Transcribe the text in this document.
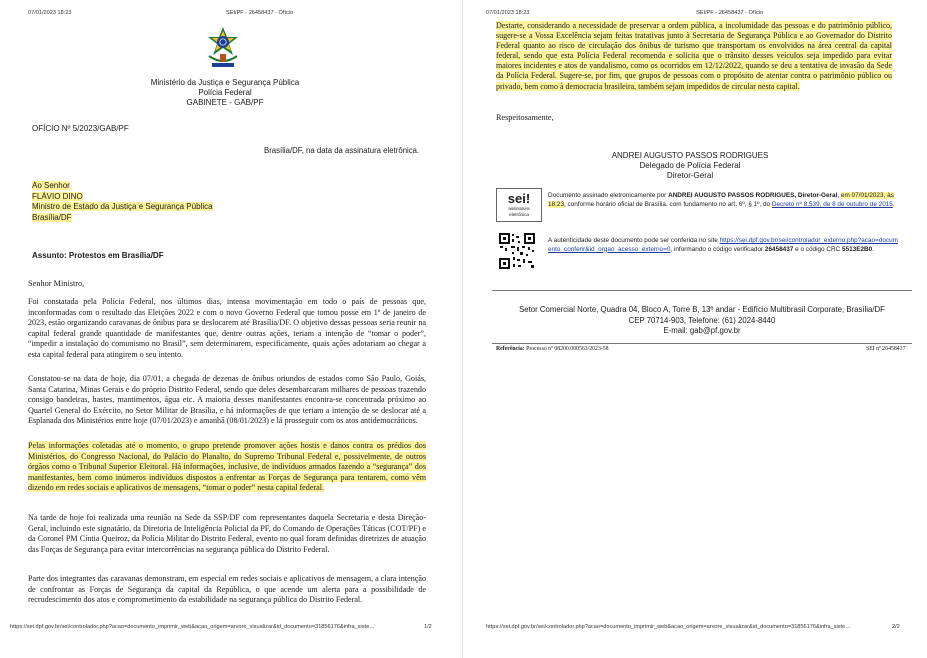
07/01/2023 18:23	SEI/PF - 26458437 - Ofício
Ministério da Justiça e Segurança Pública
Polícia Federal
GABINETE - GAB/PF
OFÍCIO Nº 5/2023/GAB/PF
Brasília/DF, na data da assinatura eletrônica.
Ao Senhor
FLÁVIO DINO
Ministro de Estado da Justiça e Segurança Pública
Brasília/DF
Assunto: Protestos em Brasília/DF
Senhor Ministro,
Foi constatada pela Polícia Federal, nos últimos dias, intensa movimentação em todo o país de pessoas que, inconformadas com o resultado das Eleições 2022 e com o novo Governo Federal que tomou posse em 1º de janeiro de 2023, estão organizando caravanas de ônibus para se deslocarem até Brasília/DF. O objetivo dessas pessoas seria reunir na capital federal grande quantidade de manifestantes que, dentre outras ações, teriam a intenção de “tomar o poder”, “impedir a instalação do comunismo no Brasil”, sem determinarem, especificamente, quais ações adotariam ao chegar a esta capital federal para atingirem o seu intento.
Constatou-se na data de hoje, dia 07/01, a chegada de dezenas de ônibus oriundos de estados como São Paulo, Goiás, Santa Catarina, Minas Gerais e do próprio Distrito Federal, sendo que deles desembarcaram milhares de pessoas trazendo consigo bandeiras, hastes, mantimentos, água etc. A maioria desses manifestantes encontra-se concentrada próximo ao Quartel General do Exército, no Setor Militar de Brasília, e há informações de que teriam a intenção de se deslocar até a Esplanada dos Ministérios entre hoje (07/01/2023) e amanhã (08/01/2023) e lá prosseguir com os atos antidemocráticos.
Pelas informações coletadas até o momento, o grupo pretende promover ações hostis e danos contra os prédios dos Ministérios, do Congresso Nacional, do Palácio do Planalto, do Supremo Tribunal Federal e, possivelmente, de outros órgãos como o Tribunal Superior Eleitoral. Há informações, inclusive, de indivíduos armados fazendo a “segurança” dos manifestantes, bem como inúmeros indivíduos dispostos a enfrentar as Forças de Segurança para tentarem, como vêm dizendo em redes sociais e aplicativos de mensagens, “tomar o poder” nesta capital federal.
Na tarde de hoje foi realizada uma reunião na Sede da SSP/DF com representantes daquela Secretaria e desta Direção-Geral, incluindo este signatário, da Diretoria de Inteligência Policial da PF, do Comando de Operações Táticas (COT/PF) e da Coronel PM Cíntia Queiroz, da Polícia Militar do Distrito Federal, evento no qual foram definidas diretrizes de atuação das Forças de Segurança para evitar intercorrências na segurança pública do Distrito Federal.
Parte dos integrantes das caravanas demonstram, em especial em redes sociais e aplicativos de mensagem, a clara intenção de confrontar as Forças de Segurança da capital da República, o que acende um alerta para a possibilidade de recrudescimento dos atos e comprometimento da estabilidade na segurança pública do Distrito Federal.
https://sei.dpf.gov.br/sei/controlador.php?acao=documento_imprimir_web&acao_origem=arvore_visualizar&id_documento=31856176&infra_siste…	1/2
07/01/2023 18:23	SEI/PF - 26458437 - Ofício
Destarte, considerando a necessidade de preservar a ordem pública, a incolumidade das pessoas e do patrimônio público, sugere-se a Vossa Excelência sejam feitas tratativas junto à Secretaria de Segurança Pública e ao Governador do Distrito Federal quanto ao risco de circulação dos ônibus de turismo que transportam os envolvidos na área central da capital federal, sendo que esta Polícia Federal recomenda e solicita que o trânsito desses veículos seja impedido para evitar maiores incidentes e atos de vandalismo, como os ocorridos em 12/12/2022, quando se deu a tentativa de invasão da Sede da Polícia Federal. Sugere-se, por fim, que grupos de pessoas com o propósito de atentar contra o patrimônio público ou privado, bem como à democracia brasileira, também sejam impedidos de circular nesta capital.
Respeitosamente,
ANDREI AUGUSTO PASSOS RODRIGUES
Delegado de Polícia Federal
Diretor-Geral
sei!
assinatura
eletrônica
Documento assinado eletronicamente por ANDREI AUGUSTO PASSOS RODRIGUES, Diretor-Geral, em 07/01/2023, às 18:23, conforme horário oficial de Brasília, com fundamento no art. 6º, § 1º, do Decreto nº 8.539, de 8 de outubro de 2015.
A autenticidade deste documento pode ser conferida no site https://sei.dpf.gov.br/sei/controlador_externo.php?acao=documento_conferir&id_orgao_acesso_externo=0, informando o código verificador 26458437 e o código CRC 5513E2B0.
Setor Comercial Norte, Quadra 04, Bloco A, Torre B, 13º andar - Edifício Multibrasil Corporate, Brasília/DF
CEP 70714-903, Telefone: (61) 2024-8440
E-mail: gab@pf.gov.br
Referência: Processo nº 08200.000563/2023-58	SEI nº 26458437
https://sei.dpf.gov.br/sei/controlador.php?acao=documento_imprimir_web&acao_origem=arvore_visualizar&id_documento=31856176&infra_siste…	2/2
